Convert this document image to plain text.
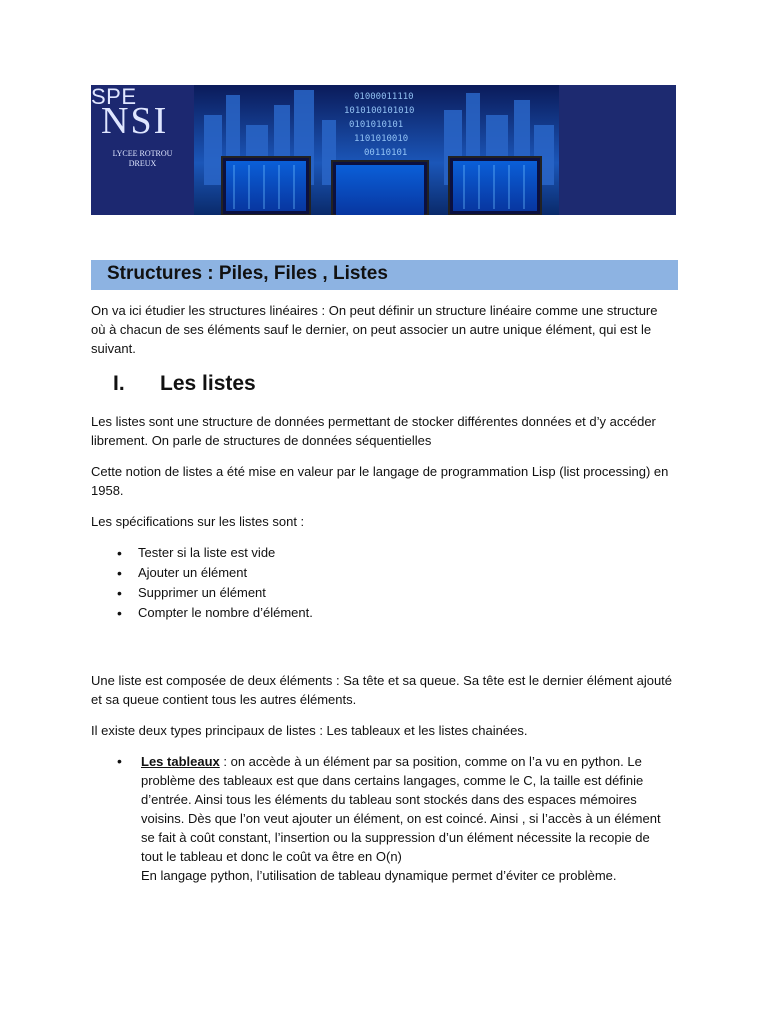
SPE
NSI
LYCEE ROTROU
DREUX
01000011110
1010100101010
0101010101
1101010010
00110101
Structures : Piles, Files , Listes
On va ici étudier les structures linéaires : On peut définir un structure linéaire comme une structure
où à chacun de ses éléments sauf le dernier, on peut associer un autre unique élément, qui est le
suivant.
I. Les listes
Les listes sont une structure de données permettant de stocker différentes données et d’y accéder
librement. On parle de structures de données séquentielles
Cette notion de listes a été mise en valeur par le langage de programmation Lisp (list processing) en
1958.
Les spécifications sur les listes sont :
• Tester si la liste est vide
• Ajouter un élément
• Supprimer un élément
• Compter le nombre d’élément.
Une liste est composée de deux éléments : Sa tête et sa queue. Sa tête est le dernier élément ajouté
et sa queue contient tous les autres éléments.
Il existe deux types principaux de listes : Les tableaux et les listes chainées.
• Les tableaux : on accède à un élément par sa position, comme on l’a vu en python. Le
problème des tableaux est que dans certains langages, comme le C, la taille est définie
d’entrée. Ainsi tous les éléments du tableau sont stockés dans des espaces mémoires
voisins. Dès que l’on veut ajouter un élément, on est coincé. Ainsi , si l’accès à un élément
se fait à coût constant, l’insertion ou la suppression d’un élément nécessite la recopie de
tout le tableau et donc le coût va être en O(n)
En langage python, l’utilisation de tableau dynamique permet d’éviter ce problème.
